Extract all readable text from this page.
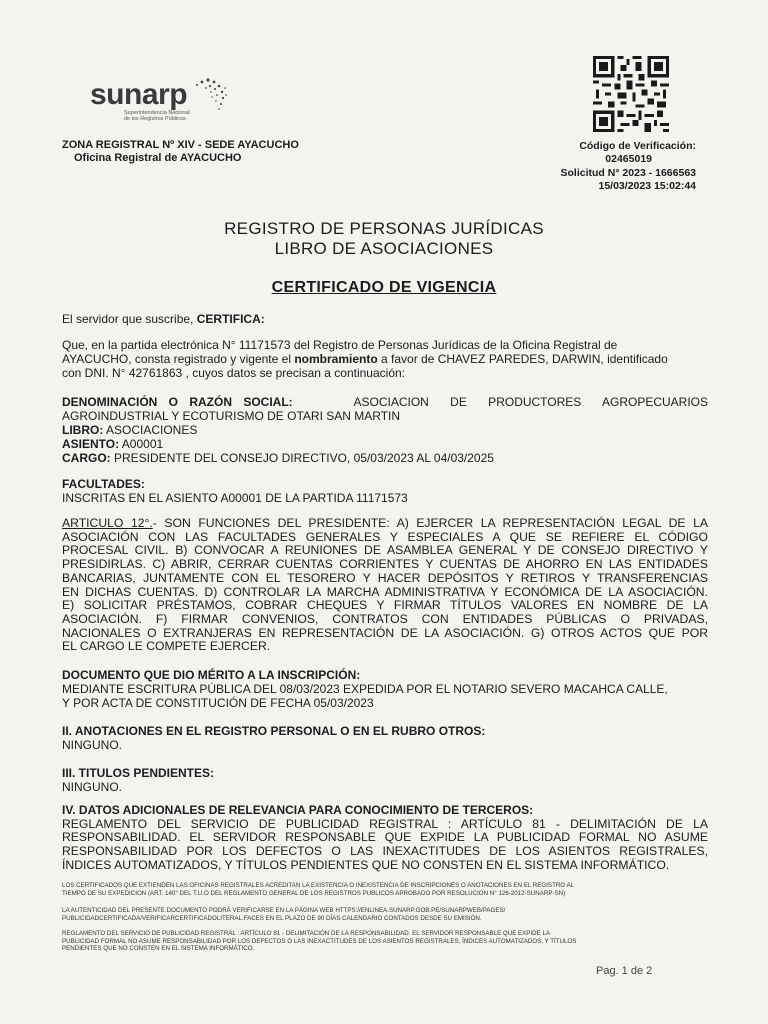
sunarp
Superintendencia Nacional
de los Registros Públicos
ZONA REGISTRAL Nº XIV - SEDE AYACUCHO
Oficina Registral de AYACUCHO
Código de Verificación:
02465019
Solicitud N° 2023 - 1666563
15/03/2023 15:02:44
REGISTRO DE PERSONAS JURÍDICAS
LIBRO DE ASOCIACIONES
CERTIFICADO DE VIGENCIA
El servidor que suscribe, CERTIFICA:
Que, en la partida electrónica N° 11171573 del Registro de Personas Jurídicas de la Oficina Registral de
AYACUCHO, consta registrado y vigente el nombramiento a favor de CHAVEZ PAREDES, DARWIN, identificado
con DNI. N° 42761863 , cuyos datos se precisan a continuación:
DENOMINACIÓN O RAZÓN SOCIAL:	ASOCIACION DE PRODUCTORES AGROPECUARIOS
AGROINDUSTRIAL Y ECOTURISMO DE OTARI SAN MARTIN
LIBRO: ASOCIACIONES
ASIENTO: A00001
CARGO: PRESIDENTE DEL CONSEJO DIRECTIVO, 05/03/2023 AL 04/03/2025
FACULTADES:
INSCRITAS EN EL ASIENTO A00001 DE LA PARTIDA 11171573
ARTICULO 12°.- SON FUNCIONES DEL PRESIDENTE: A) EJERCER LA REPRESENTACIÓN LEGAL DE LA
ASOCIACIÓN CON LAS FACULTADES GENERALES Y ESPECIALES A QUE SE REFIERE EL CÓDIGO
PROCESAL CIVIL. B) CONVOCAR A REUNIONES DE ASAMBLEA GENERAL Y DE CONSEJO DIRECTIVO Y
PRESIDIRLAS. C) ABRIR, CERRAR CUENTAS CORRIENTES Y CUENTAS DE AHORRO EN LAS ENTIDADES
BANCARIAS, JUNTAMENTE CON EL TESORERO Y HACER DEPÓSITOS Y RETIROS Y TRANSFERENCIAS
EN DICHAS CUENTAS. D) CONTROLAR LA MARCHA ADMINISTRATIVA Y ECONÓMICA DE LA ASOCIACIÓN.
E) SOLICITAR PRÉSTAMOS, COBRAR CHEQUES Y FIRMAR TÍTULOS VALORES EN NOMBRE DE LA
ASOCIACIÓN. F) FIRMAR CONVENIOS, CONTRATOS CON ENTIDADES PÚBLICAS O PRIVADAS,
NACIONALES O EXTRANJERAS EN REPRESENTACIÓN DE LA ASOCIACIÓN. G) OTROS ACTOS QUE POR
EL CARGO LE COMPETE EJERCER.
DOCUMENTO QUE DIO MÉRITO A LA INSCRIPCIÓN:
MEDIANTE ESCRITURA PÚBLICA DEL 08/03/2023 EXPEDIDA POR EL NOTARIO SEVERO MACAHCA CALLE,
Y POR ACTA DE CONSTITUCIÓN DE FECHA 05/03/2023
II. ANOTACIONES EN EL REGISTRO PERSONAL O EN EL RUBRO OTROS:
NINGUNO.
III. TITULOS PENDIENTES:
NINGUNO.
IV. DATOS ADICIONALES DE RELEVANCIA PARA CONOCIMIENTO DE TERCEROS:
REGLAMENTO DEL SERVICIO DE PUBLICIDAD REGISTRAL : ARTÍCULO 81 - DELIMITACIÓN DE LA
RESPONSABILIDAD. EL SERVIDOR RESPONSABLE QUE EXPIDE LA PUBLICIDAD FORMAL NO ASUME
RESPONSABILIDAD POR LOS DEFECTOS O LAS INEXACTITUDES DE LOS ASIENTOS REGISTRALES,
ÍNDICES AUTOMATIZADOS, Y TÍTULOS PENDIENTES QUE NO CONSTEN EN EL SISTEMA INFORMÁTICO.
LOS CERTIFICADOS QUE EXTIENDEN LAS OFICINAS REGISTRALES ACREDITAN LA EXISTENCIA O INEXISTENCIA DE INSCRIPCIONES O ANOTACIONES EN EL REGISTRO AL
TIEMPO DE SU EXPEDICION (ART. 140° DEL T.U.O DEL REGLAMENTO GENERAL DE LOS REGISTROS PUBLICOS APROBADO POR RESOLUCION N° 126-2012-SUNARP-SN)
LA AUTENTICIDAD DEL PRESENTE DOCUMENTO PODRÁ VERIFICARSE EN LA PÁGINA WEB HTTPS://ENLINEA.SUNARP.GOB.PE/SUNARPWEB/PAGES/
PUBLICIDADCERTIFICADA/VERIFICARCERTIFICADOLITERAL.FACES EN EL PLAZO DE 90 DÍAS CALENDARIO CONTADOS DESDE SU EMISIÓN.
REGLAMENTO DEL SERVICIO DE PUBLICIDAD REGISTRAL : ARTÍCULO 81 - DELIMITACIÓN DE LA RESPONSABILIDAD. EL SERVIDOR RESPONSABLE QUE EXPIDE LA
PUBLICIDAD FORMAL NO ASUME RESPONSABILIDAD POR LOS DEFECTOS O LAS INEXACTITUDES DE LOS ASIENTOS REGISTRALES, ÍNDICES AUTOMATIZADOS, Y TÍTULOS
PENDIENTES QUE NO CONSTEN EN EL SISTEMA INFORMÁTICO.
Pag. 1 de 2
